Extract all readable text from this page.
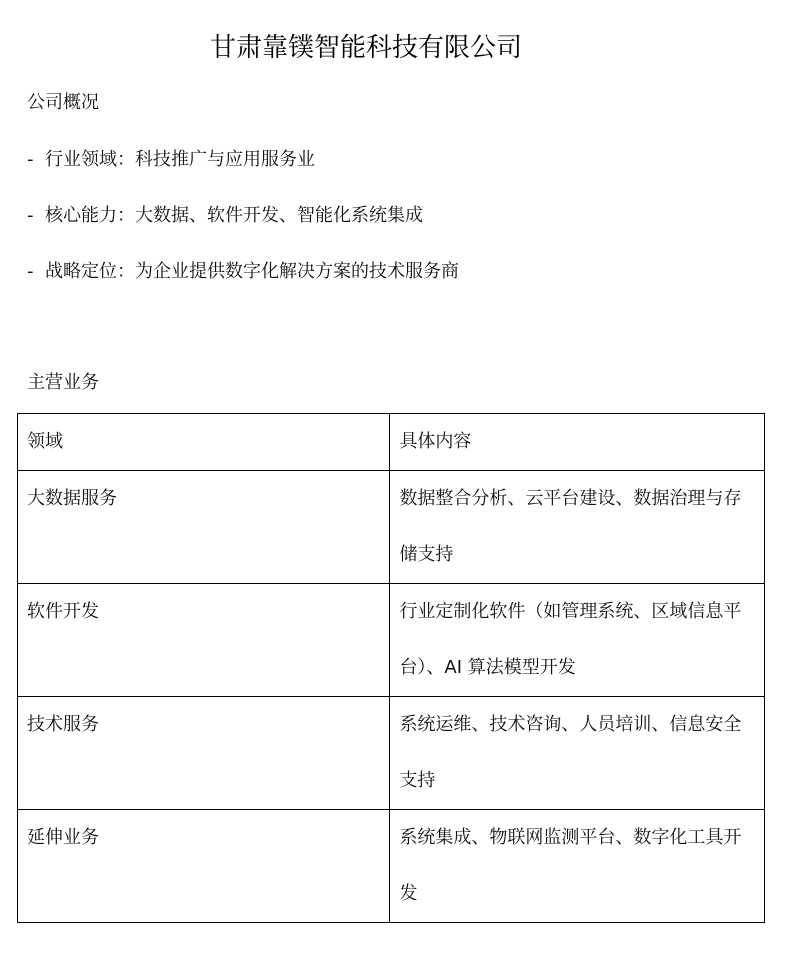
甘肃靠镤智能科技有限公司
公司概况
- 行业领域：科技推广与应用服务业
- 核心能力：大数据、软件开发、智能化系统集成
- 战略定位：为企业提供数字化解决方案的技术服务商
主营业务
领域	具体内容
大数据服务	数据整合分析、云平台建设、数据治理与存储支持
软件开发	行业定制化软件（如管理系统、区域信息平台）、AI 算法模型开发
技术服务	系统运维、技术咨询、人员培训、信息安全支持
延伸业务	系统集成、物联网监测平台、数字化工具开发
